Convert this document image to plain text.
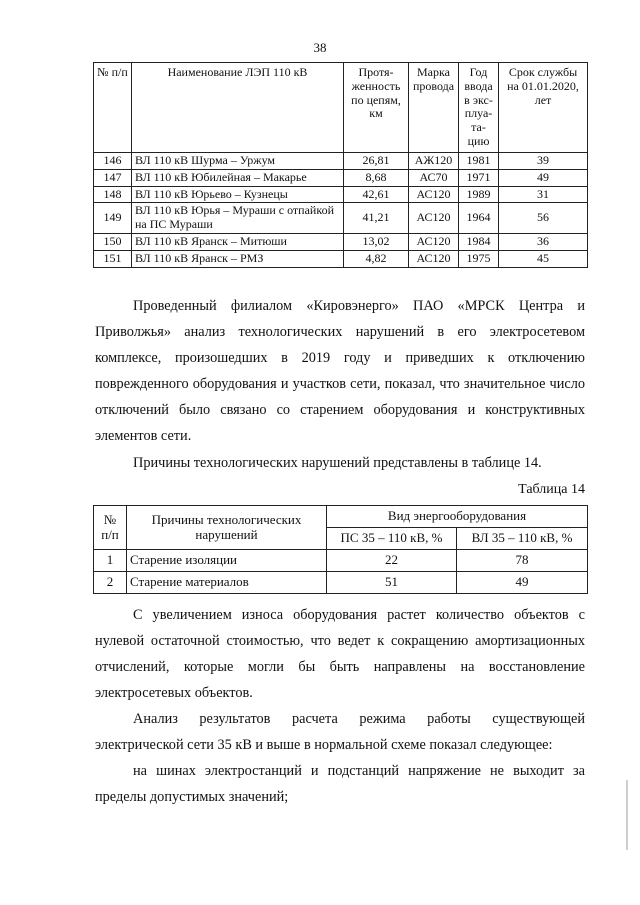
38
№ п/п	Наименование ЛЭП 110 кВ	Протя-женность по цепям, км	Марка провода	Год ввода в экс-плуа-та-цию	Срок службы на 01.01.2020, лет
146	ВЛ 110 кВ Шурма – Уржум	26,81	АЖ120	1981	39
147	ВЛ 110 кВ Юбилейная – Макарье	8,68	АС70	1971	49
148	ВЛ 110 кВ Юрьево – Кузнецы	42,61	АС120	1989	31
149	ВЛ 110 кВ Юрья – Мураши с отпайкой на ПС Мураши	41,21	АС120	1964	56
150	ВЛ 110 кВ Яранск – Митюши	13,02	АС120	1984	36
151	ВЛ 110 кВ Яранск – РМЗ	4,82	АС120	1975	45

Проведенный филиалом «Кировэнерго» ПАО «МРСК Центра и Приволжья» анализ технологических нарушений в его электросетевом комплексе, произошедших в 2019 году и приведших к отключению поврежденного оборудования и участков сети, показал, что значительное число отключений было связано со старением оборудования и конструктивных элементов сети.

Причины технологических нарушений представлены в таблице 14.

Таблица 14
№ п/п	Причины технологических нарушений	Вид энергооборудования	
		ПС 35 – 110 кВ, %	ВЛ 35 – 110 кВ, %
1	Старение изоляции	22	78
2	Старение материалов	51	49

С увеличением износа оборудования растет количество объектов с нулевой остаточной стоимостью, что ведет к сокращению амортизационных отчислений, которые могли бы быть направлены на восстановление электросетевых объектов.

Анализ результатов расчета режима работы существующей электрической сети 35 кВ и выше в нормальной схеме показал следующее:

на шинах электростанций и подстанций напряжение не выходит за пределы допустимых значений;
